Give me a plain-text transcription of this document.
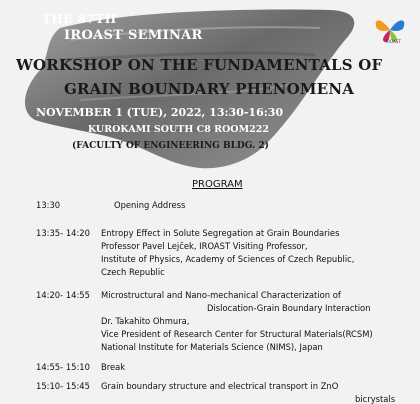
IROAST
THE 87TH
IROAST SEMINAR
WORKSHOP ON THE FUNDAMENTALS OF
GRAIN BOUNDARY PHENOMENA
NOVEMBER 1 (TUE), 2022, 13:30-16:30
KUROKAMI SOUTH C8 ROOM222
(FACULTY OF ENGINEERING BLDG. 2)
PROGRAM
13:30	Opening Address
13:35- 14:20 Entropy Effect in Solute Segregation at Grain Boundaries
Professor Pavel Lejček, IROAST Visiting Professor,
Institute of Physics, Academy of Sciences of Czech Republic,
Czech Republic
14:20- 14:55 Microstructural and Nano-mechanical Characterization of
Dislocation-Grain Boundary Interaction
Dr. Takahito Ohmura,
Vice President of Research Center for Structural Materials(RCSM)
National Institute for Materials Science (NIMS), Japan
14:55- 15:10 Break
15:10- 15:45 Grain boundary structure and electrical transport in ZnO
bicrystals
